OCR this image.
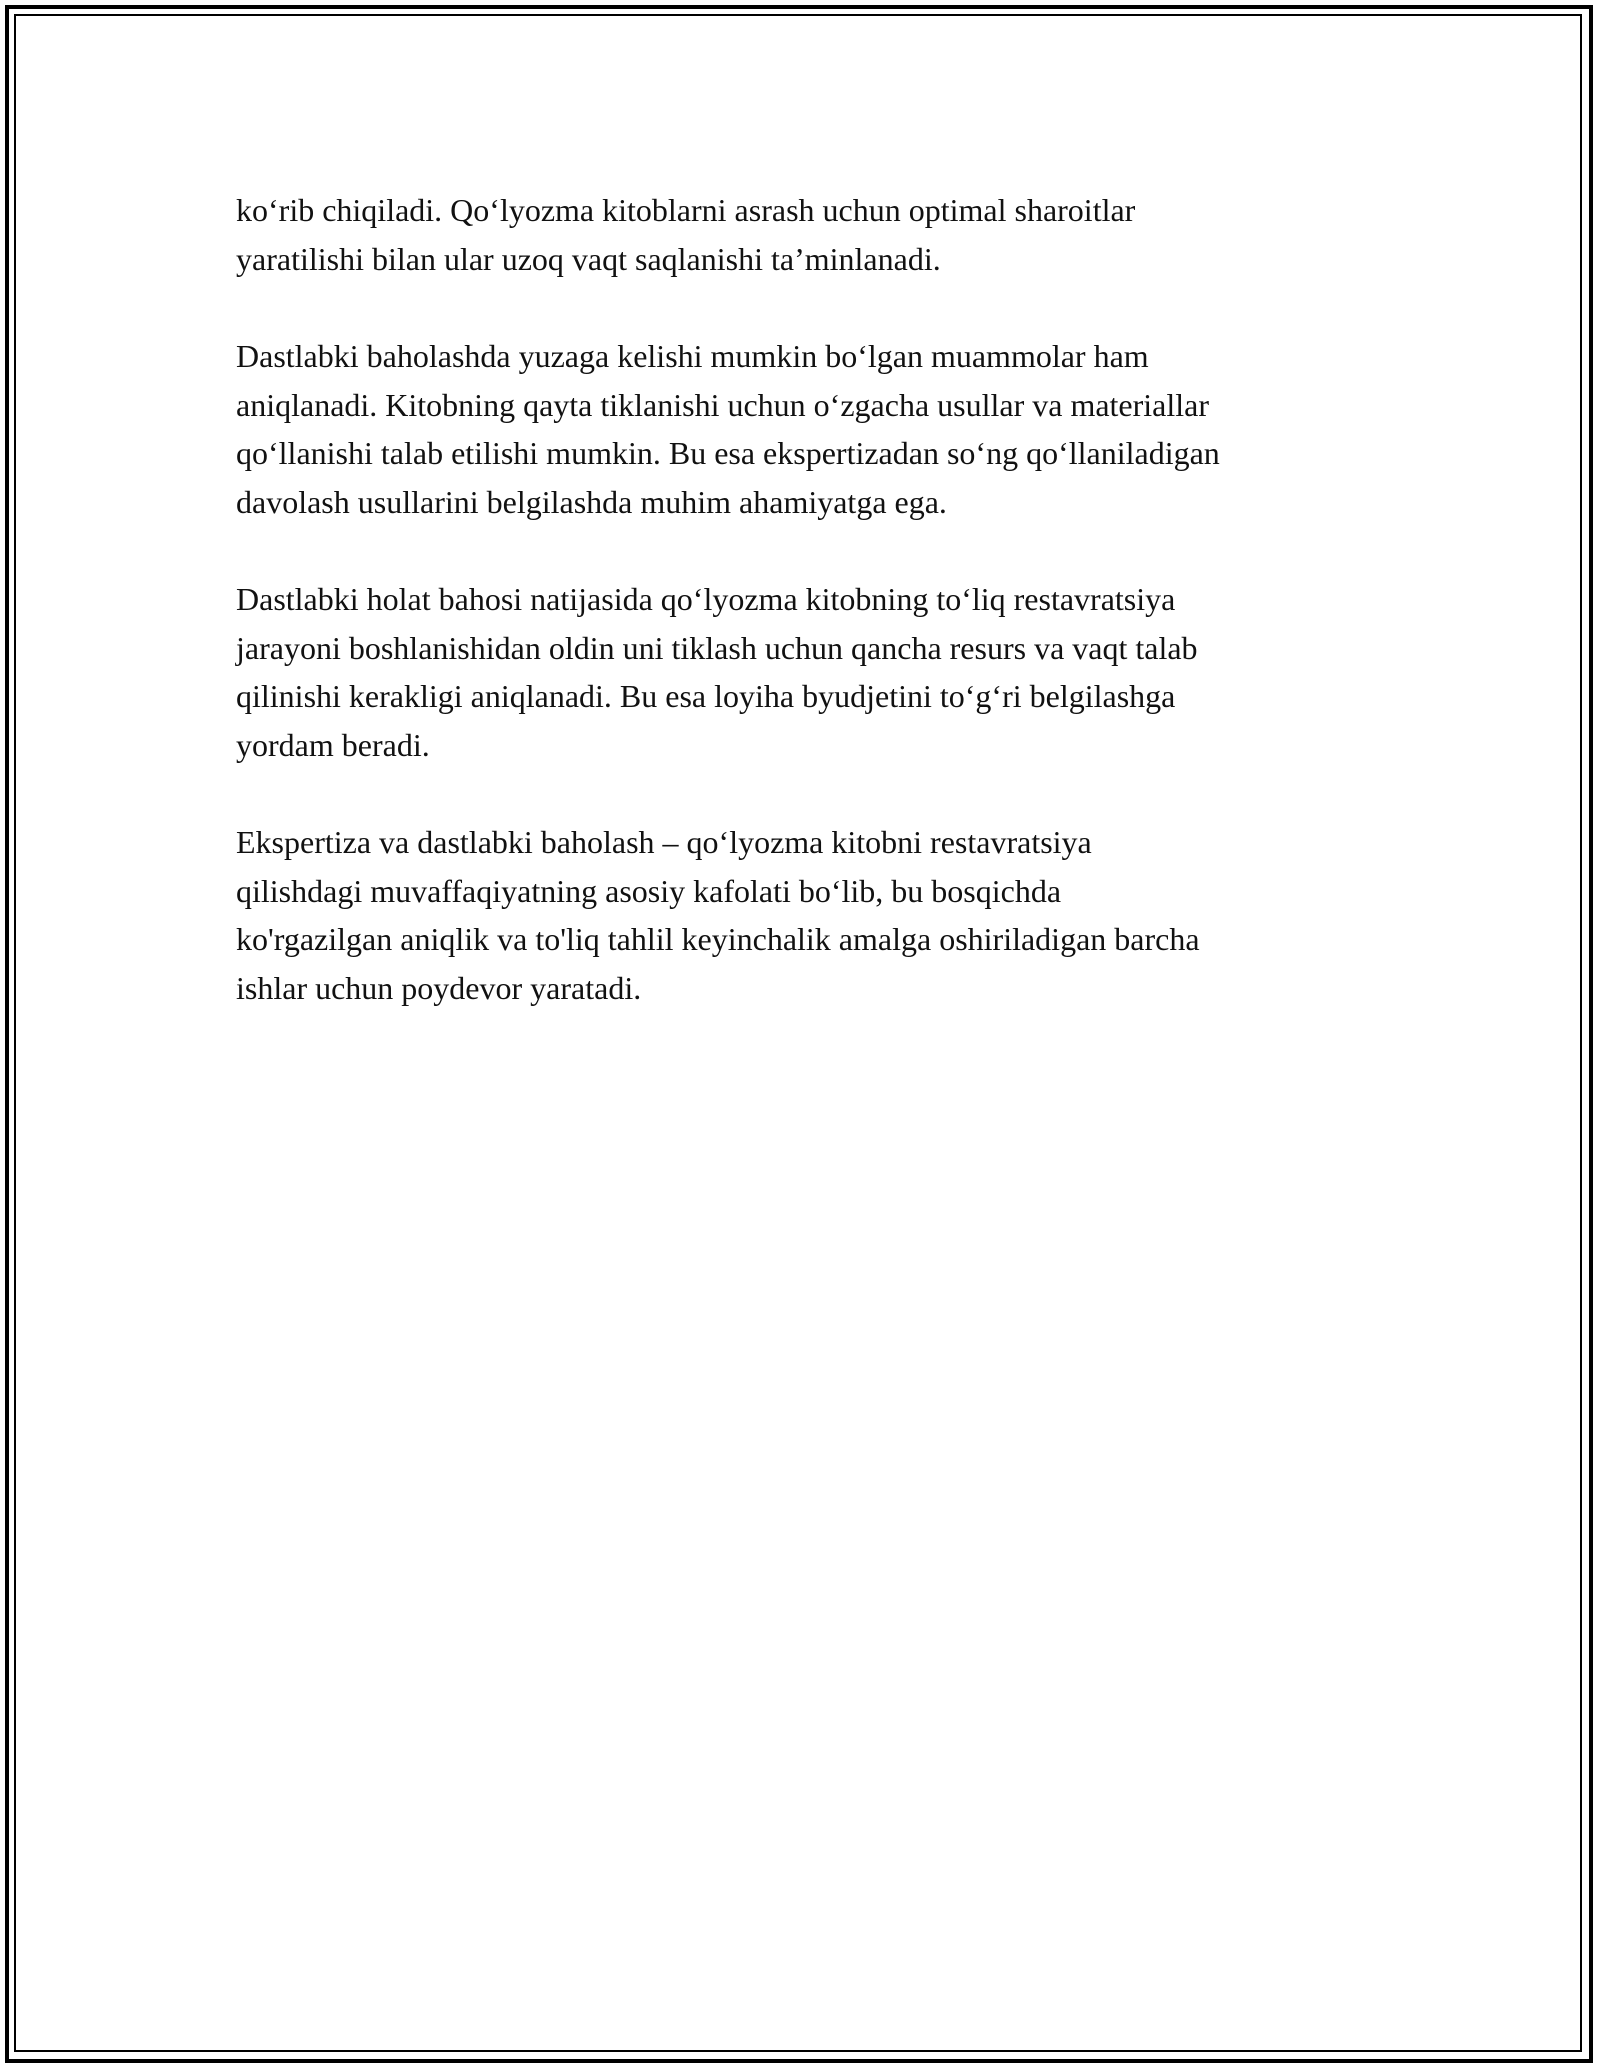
ko‘rib chiqiladi. Qo‘lyozma kitoblarni asrash uchun optimal sharoitlar
yaratilishi bilan ular uzoq vaqt saqlanishi ta’minlanadi.

Dastlabki baholashda yuzaga kelishi mumkin bo‘lgan muammolar ham
aniqlanadi. Kitobning qayta tiklanishi uchun o‘zgacha usullar va materiallar
qo‘llanishi talab etilishi mumkin. Bu esa ekspertizadan so‘ng qo‘llaniladigan
davolash usullarini belgilashda muhim ahamiyatga ega.

Dastlabki holat bahosi natijasida qo‘lyozma kitobning to‘liq restavratsiya
jarayoni boshlanishidan oldin uni tiklash uchun qancha resurs va vaqt talab
qilinishi kerakligi aniqlanadi. Bu esa loyiha byudjetini to‘g‘ri belgilashga
yordam beradi.

Ekspertiza va dastlabki baholash – qo‘lyozma kitobni restavratsiya
qilishdagi muvaffaqiyatning asosiy kafolati bo‘lib, bu bosqichda
ko'rgazilgan aniqlik va to'liq tahlil keyinchalik amalga oshiriladigan barcha
ishlar uchun poydevor yaratadi.
